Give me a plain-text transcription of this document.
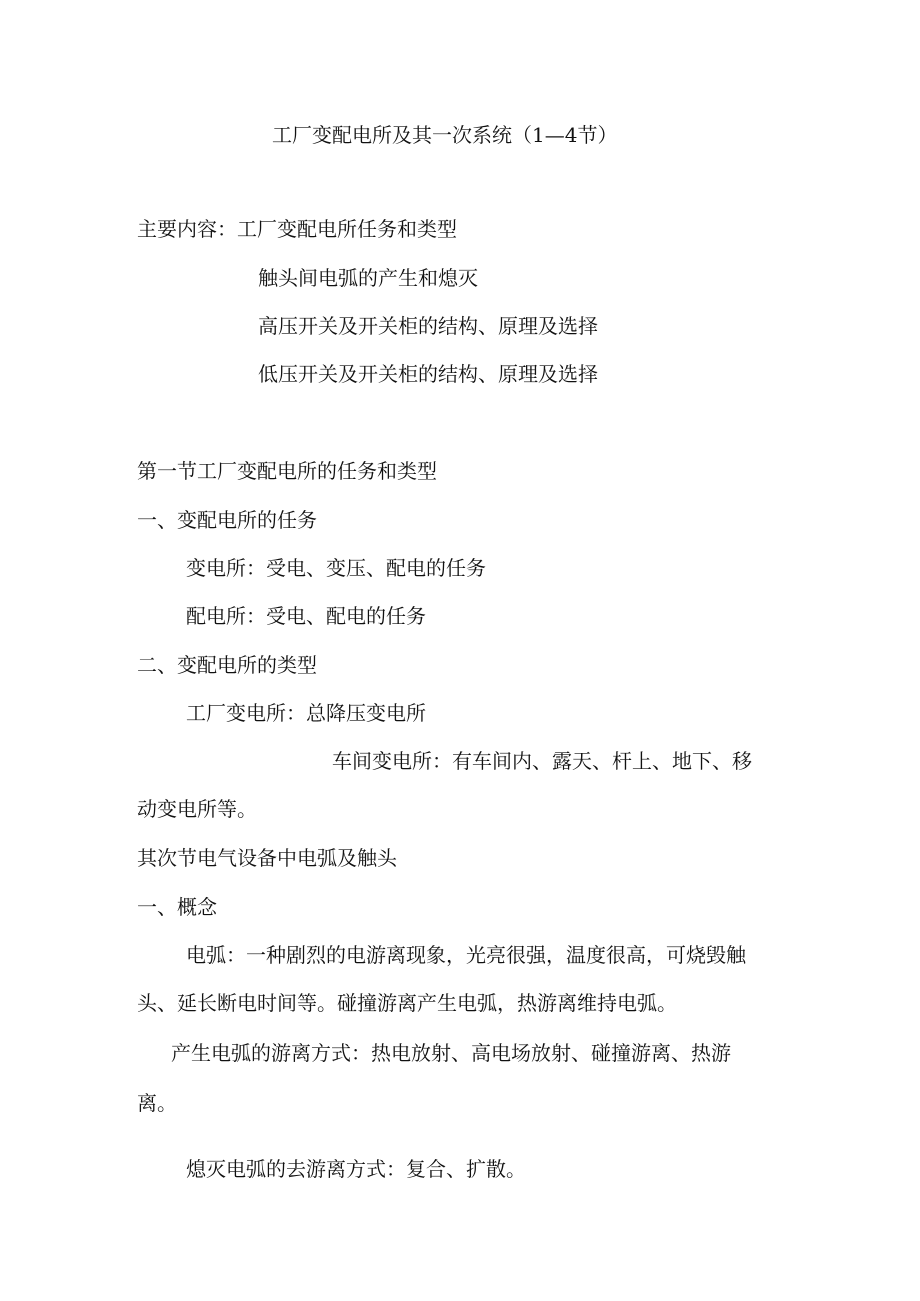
工厂变配电所及其一次系统（1—4节）

主要内容：工厂变配电所任务和类型

触头间电弧的产生和熄灭

高压开关及开关柜的结构、原理及选择

低压开关及开关柜的结构、原理及选择

第一节工厂变配电所的任务和类型

一、变配电所的任务

变电所：受电、变压、配电的任务

配电所：受电、配电的任务

二、变配电所的类型

工厂变电所：总降压变电所

车间变电所：有车间内、露天、杆上、地下、移

动变电所等。

其次节电气设备中电弧及触头

一、概念

电弧：一种剧烈的电游离现象，光亮很强，温度很高，可烧毁触

头、延长断电时间等。碰撞游离产生电弧，热游离维持电弧。

产生电弧的游离方式：热电放射、高电场放射、碰撞游离、热游

离。

熄灭电弧的去游离方式：复合、扩散。
